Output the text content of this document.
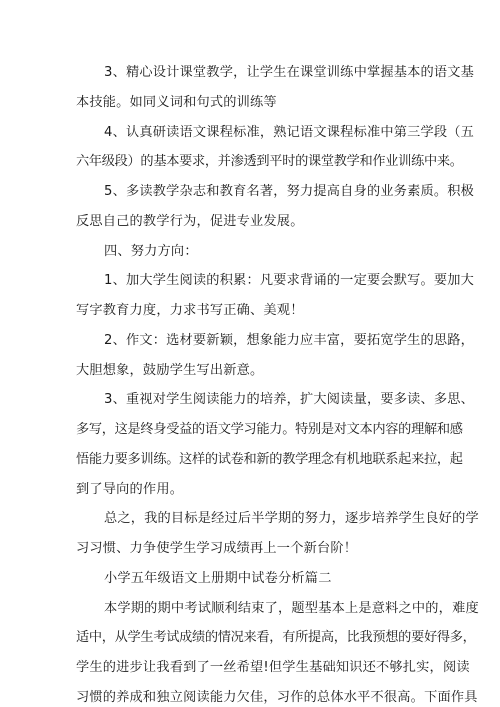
3、精心设计课堂教学，让学生在课堂训练中掌握基本的语文基
本技能。如同义词和句式的训练等
4、认真研读语文课程标准，熟记语文课程标准中第三学段（五
六年级段）的基本要求，并渗透到平时的课堂教学和作业训练中来。
5、多读教学杂志和教育名著，努力提高自身的业务素质。积极
反思自己的教学行为，促进专业发展。
四、努力方向：
1、加大学生阅读的积累：凡要求背诵的一定要会默写。要加大
写字教育力度，力求书写正确、美观！
2、作文：选材要新颖，想象能力应丰富，要拓宽学生的思路，
大胆想象，鼓励学生写出新意。
3、重视对学生阅读能力的培养，扩大阅读量，要多读、多思、
多写，这是终身受益的语文学习能力。特别是对文本内容的理解和感
悟能力要多训练。这样的试卷和新的教学理念有机地联系起来拉，起
到了导向的作用。
总之，我的目标是经过后半学期的努力，逐步培养学生良好的学
习习惯、力争使学生学习成绩再上一个新台阶！
小学五年级语文上册期中试卷分析篇二
本学期的期中考试顺利结束了，题型基本上是意料之中的，难度
适中，从学生考试成绩的情况来看，有所提高，比我预想的要好得多，
学生的进步让我看到了一丝希望!但学生基础知识还不够扎实，阅读
习惯的养成和独立阅读能力欠佳，习作的总体水平不很高。下面作具
